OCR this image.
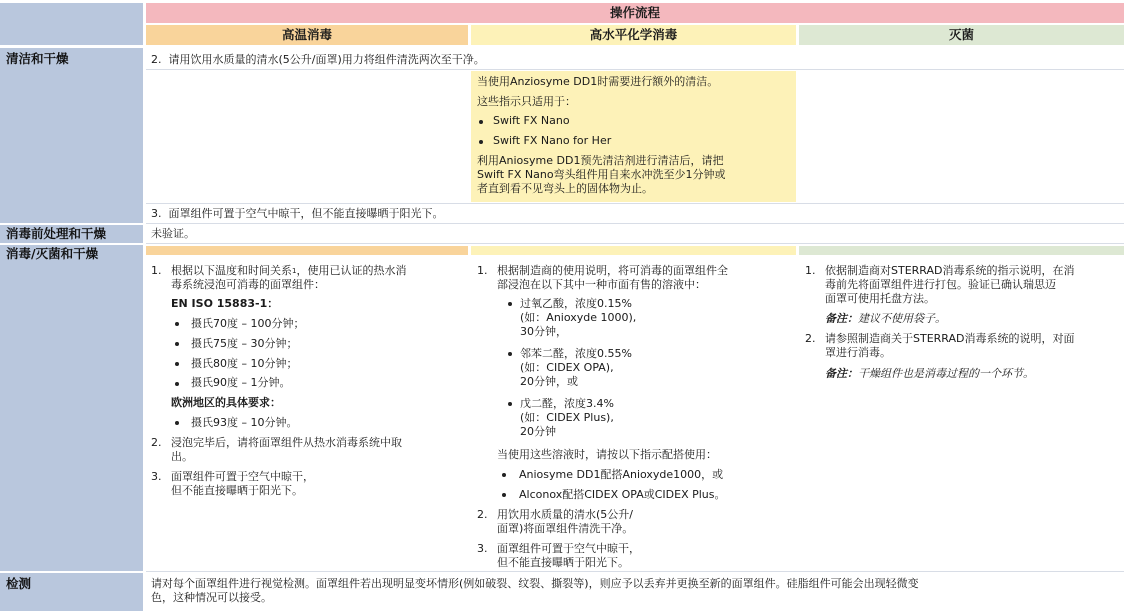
清洁和干燥
消毒前处理和干燥
消毒/灭菌和干燥
检测
操作流程
高温消毒	高水平化学消毒	灭菌
2.  请用饮用水质量的清水(5公升/面罩)用力将组件清洗两次至干净。
当使用Anziosyme DD1时需要进行额外的清洁。
这些指示只适用于：
Swift FX Nano
Swift FX Nano for Her
利用Aniosyme DD1预先清洁剂进行清洁后，请把
Swift FX Nano弯头组件用自来水冲洗至少1分钟或
者直到看不见弯头上的固体物为止。
3.  面罩组件可置于空气中晾干，但不能直接曝晒于阳光下。
未验证。
1. 根据以下温度和时间关系$^1$，使用已认证的热水消
毒系统浸泡可消毒的面罩组件：
EN ISO 15883-1：
摄氏70度 – 100分钟；
摄氏75度 – 30分钟；
摄氏80度 – 10分钟；
摄氏90度 – 1分钟。
欧洲地区的具体要求：
摄氏93度 – 10分钟。
2. 浸泡完毕后，请将面罩组件从热水消毒系统中取
出。
3. 面罩组件可置于空气中晾干，
但不能直接曝晒于阳光下。
1. 根据制造商的使用说明，将可消毒的面罩组件全
部浸泡在以下其中一种市面有售的溶液中：
过氧乙酸，浓度0.15%
(如：Anioxyde 1000),
30分钟，
邻苯二醛，浓度0.55%
(如：CIDEX OPA),
20分钟，或
戊二醛，浓度3.4%
(如：CIDEX Plus),
20分钟
当使用这些溶液时，请按以下指示配搭使用：
Aniosyme DD1配搭Anioxyde1000，或
Alconox配搭CIDEX OPA或CIDEX Plus。
2. 用饮用水质量的清水(5公升/
面罩)将面罩组件清洗干净。
3. 面罩组件可置于空气中晾干，
但不能直接曝晒于阳光下。
1. 依据制造商对STERRAD消毒系统的指示说明，在消
毒前先将面罩组件进行打包。验证已确认瑞思迈
面罩可使用托盘方法。
备注：建议不使用袋子。
2. 请参照制造商关于STERRAD消毒系统的说明，对面
罩进行消毒。
备注：干燥组件也是消毒过程的一个环节。
请对每个面罩组件进行视觉检测。面罩组件若出现明显变坏情形(例如破裂、纹裂、撕裂等)，则应予以丢弃并更换至新的面罩组件。硅脂组件可能会出现轻微变
色，这种情况可以接受。
